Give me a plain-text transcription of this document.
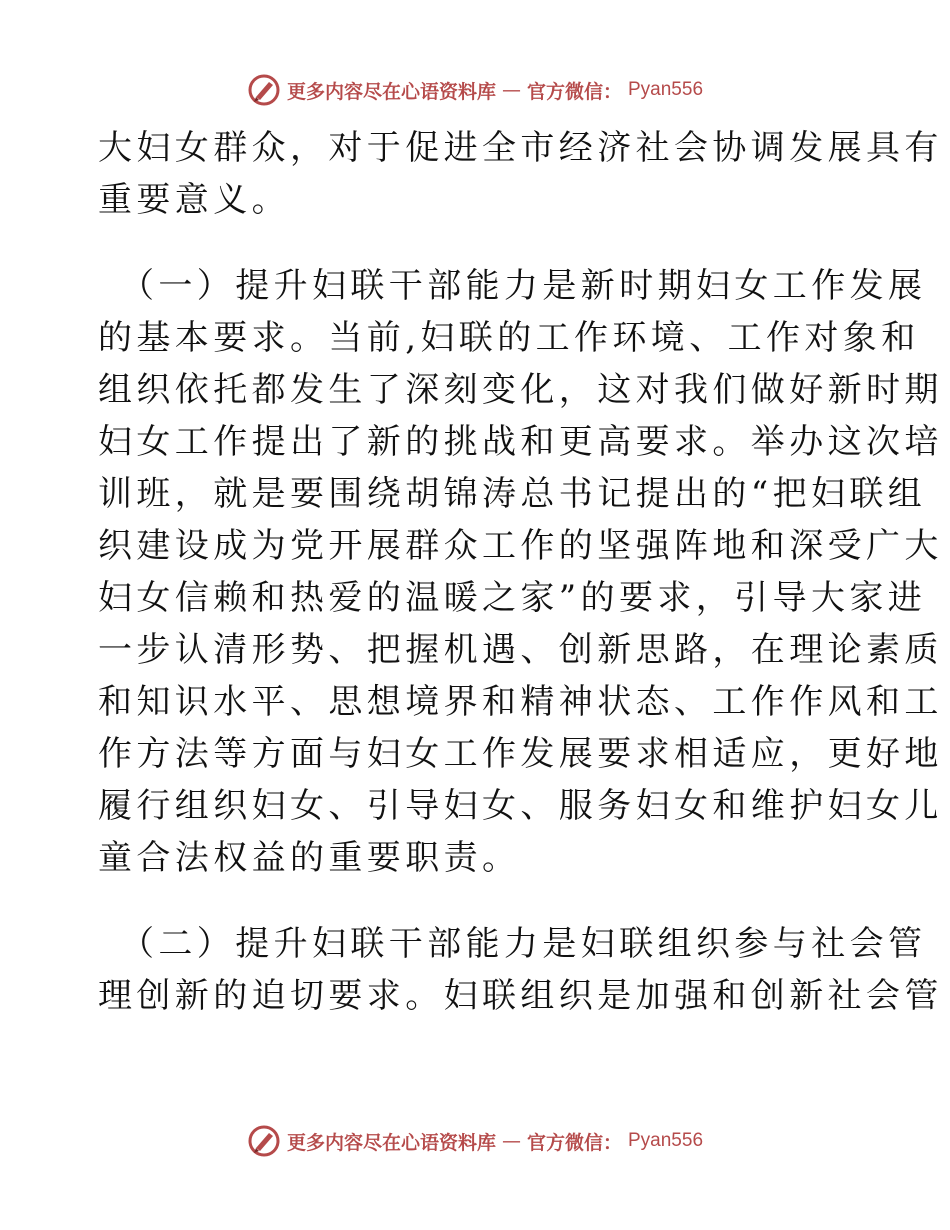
更多内容尽在心语资料库 — 官方微信： Pyan556
大妇女群众，对于促进全市经济社会协调发展具有
重要意义。
（一）提升妇联干部能力是新时期妇女工作发展
的基本要求。当前,妇联的工作环境、工作对象和
组织依托都发生了深刻变化，这对我们做好新时期
妇女工作提出了新的挑战和更高要求。举办这次培
训班，就是要围绕胡锦涛总书记提出的“把妇联组
织建设成为党开展群众工作的坚强阵地和深受广大
妇女信赖和热爱的温暖之家”的要求，引导大家进
一步认清形势、把握机遇、创新思路，在理论素质
和知识水平、思想境界和精神状态、工作作风和工
作方法等方面与妇女工作发展要求相适应，更好地
履行组织妇女、引导妇女、服务妇女和维护妇女儿
童合法权益的重要职责。
（二）提升妇联干部能力是妇联组织参与社会管
理创新的迫切要求。妇联组织是加强和创新社会管
更多内容尽在心语资料库 — 官方微信： Pyan556
